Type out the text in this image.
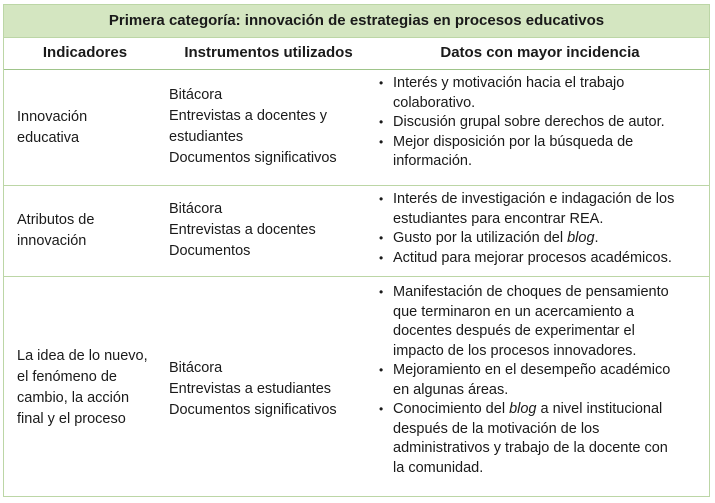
Primera categoría: innovación de estrategias en procesos educativos
Indicadores	Instrumentos utilizados	Datos con mayor incidencia
Innovación
educativa
Bitácora
Entrevistas a docentes y
estudiantes
Documentos significativos
• Interés y motivación hacia el trabajo
colaborativo.
• Discusión grupal sobre derechos de autor.
• Mejor disposición por la búsqueda de
información.
Atributos de
innovación
Bitácora
Entrevistas a docentes
Documentos
• Interés de investigación e indagación de los
estudiantes para encontrar REA.
• Gusto por la utilización del blog.
• Actitud para mejorar procesos académicos.
La idea de lo nuevo,
el fenómeno de
cambio, la acción
final y el proceso
Bitácora
Entrevistas a estudiantes
Documentos significativos
• Manifestación de choques de pensamiento
que terminaron en un acercamiento a
docentes después de experimentar el
impacto de los procesos innovadores.
• Mejoramiento en el desempeño académico
en algunas áreas.
• Conocimiento del blog a nivel institucional
después de la motivación de los
administrativos y trabajo de la docente con
la comunidad.
